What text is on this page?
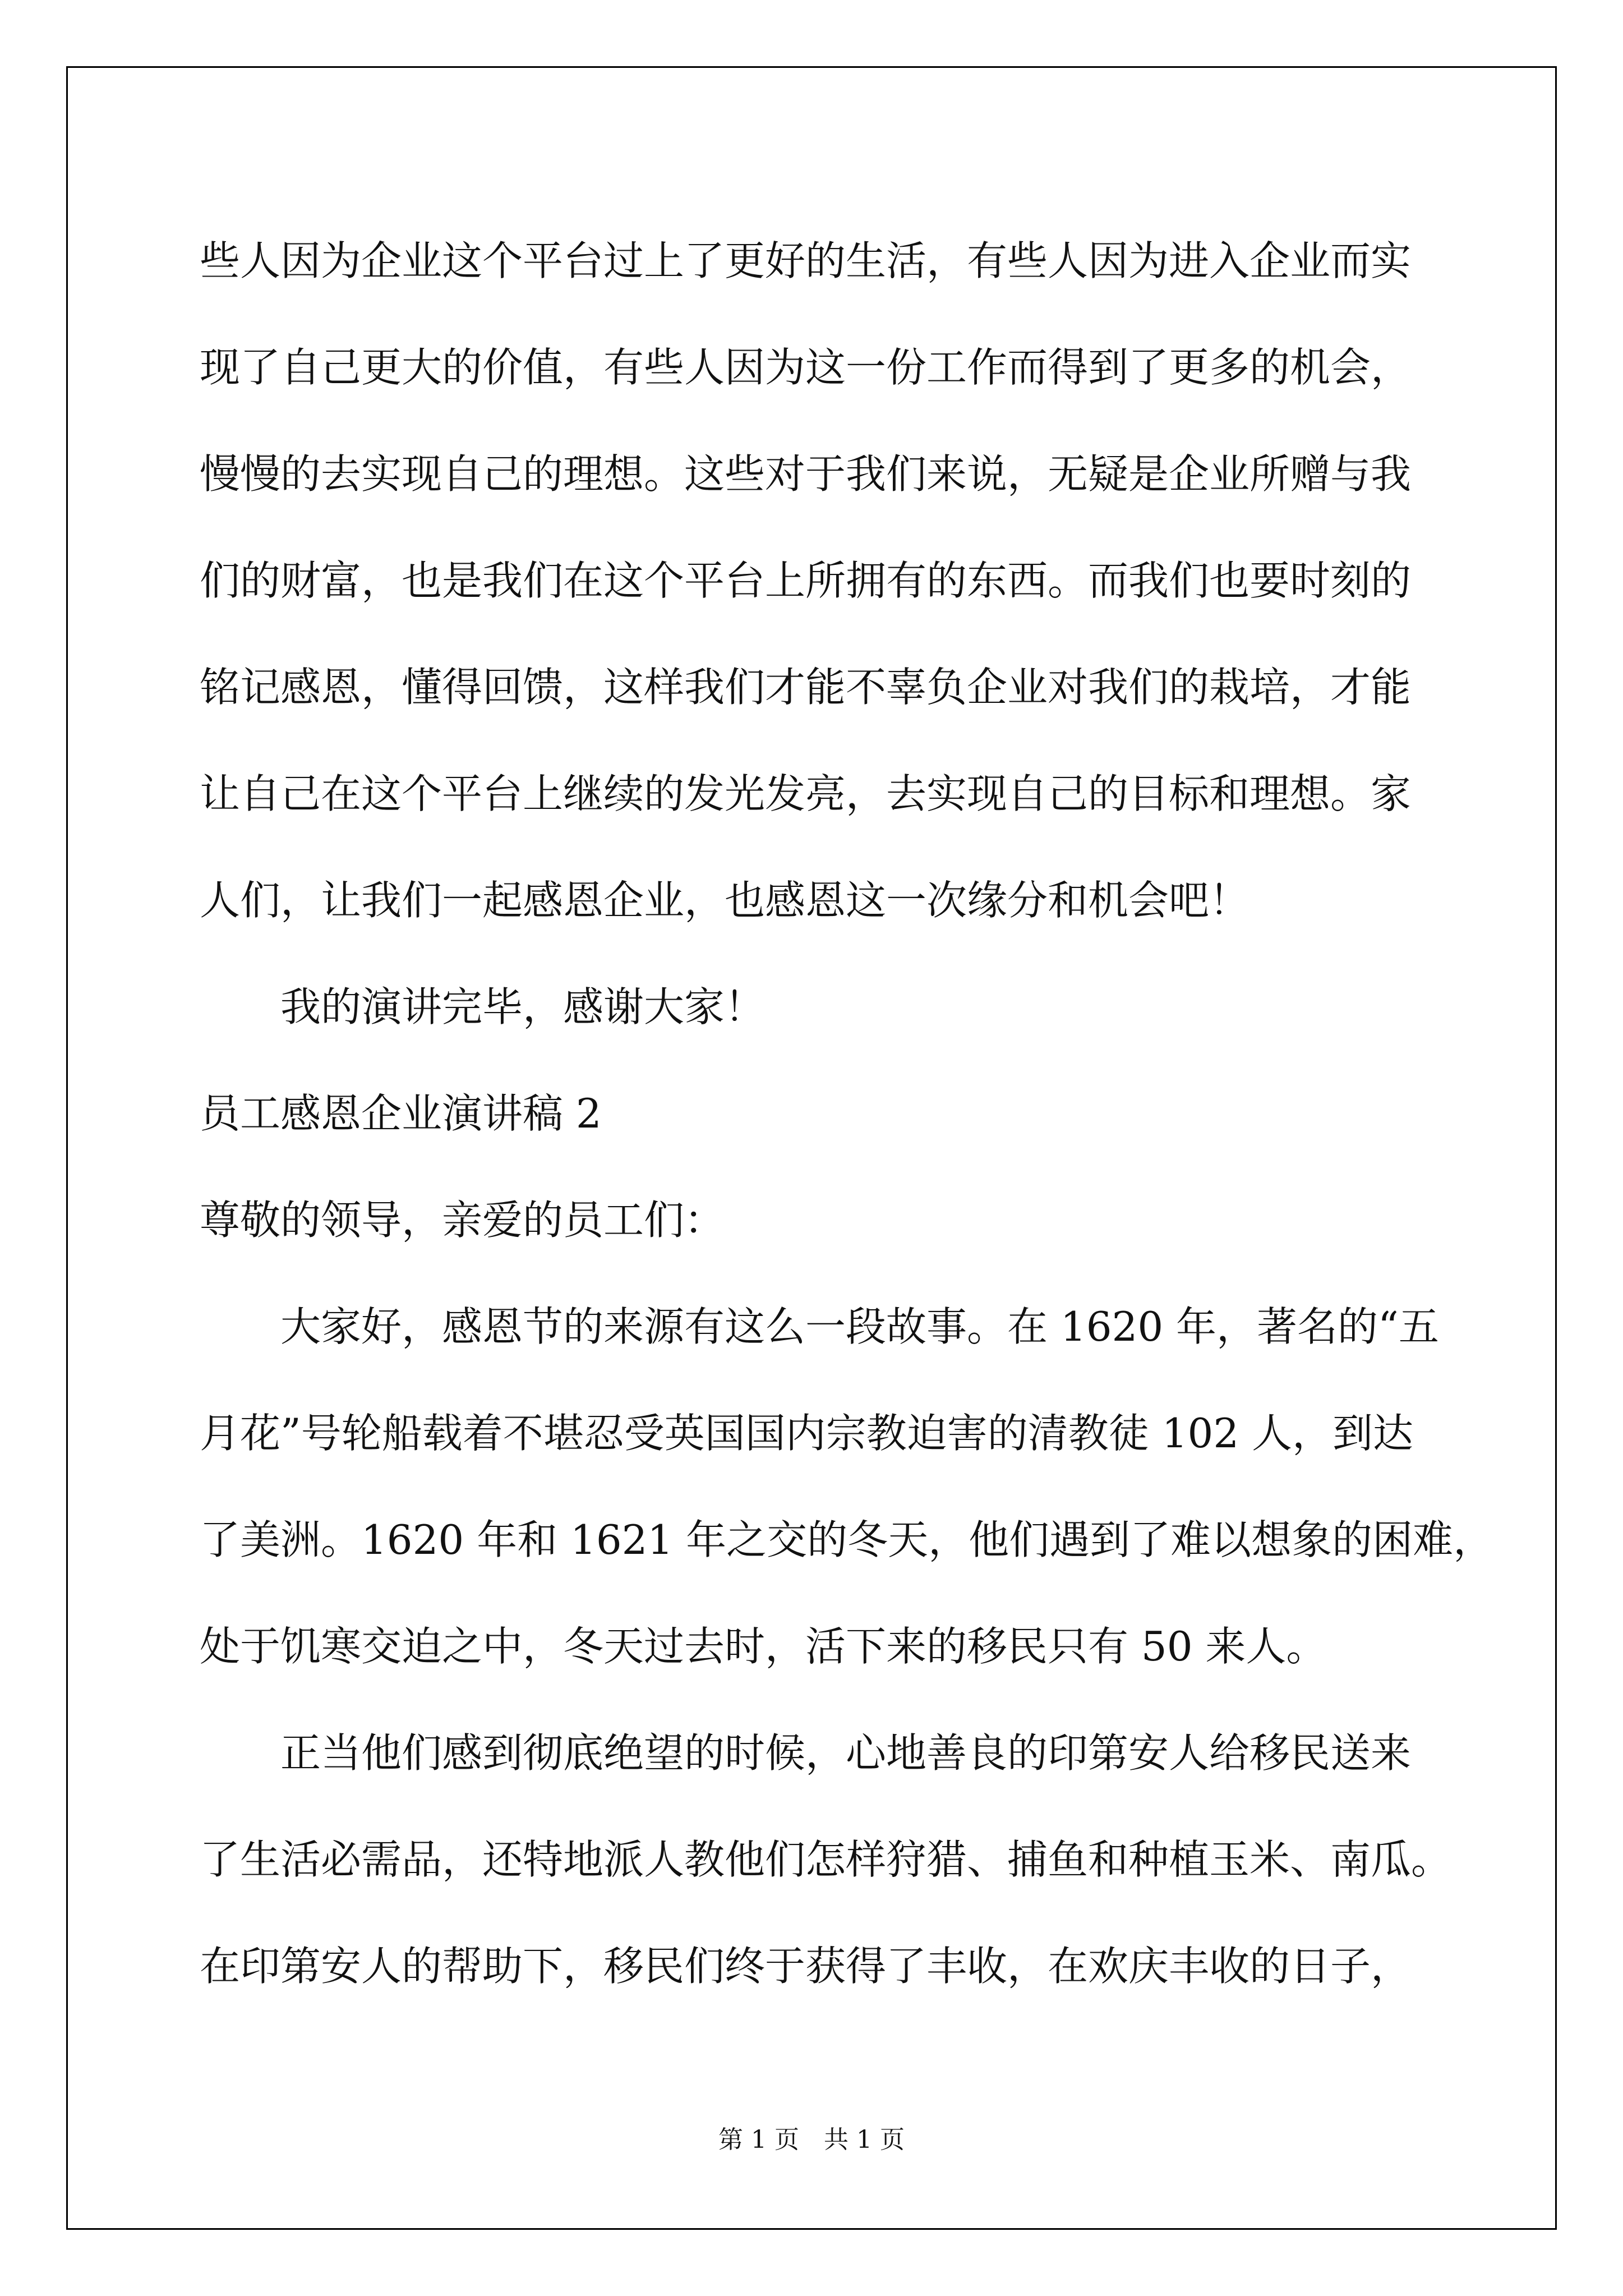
些人因为企业这个平台过上了更好的生活，有些人因为进入企业而实
现了自己更大的价值，有些人因为这一份工作而得到了更多的机会，
慢慢的去实现自己的理想。这些对于我们来说，无疑是企业所赠与我
们的财富，也是我们在这个平台上所拥有的东西。而我们也要时刻的
铭记感恩，懂得回馈，这样我们才能不辜负企业对我们的栽培，才能
让自己在这个平台上继续的发光发亮，去实现自己的目标和理想。家
人们，让我们一起感恩企业，也感恩这一次缘分和机会吧！
我的演讲完毕，感谢大家！
员工感恩企业演讲稿 2
尊敬的领导，亲爱的员工们：
大家好，感恩节的来源有这么一段故事。在 1620 年，著名的“五
月花”号轮船载着不堪忍受英国国内宗教迫害的清教徒 102 人，到达
了美洲。1620 年和 1621 年之交的冬天，他们遇到了难以想象的困难，
处于饥寒交迫之中，冬天过去时，活下来的移民只有 50 来人。
正当他们感到彻底绝望的时候，心地善良的印第安人给移民送来
了生活必需品，还特地派人教他们怎样狩猎、捕鱼和种植玉米、南瓜。
在印第安人的帮助下，移民们终于获得了丰收，在欢庆丰收的日子，
第 1 页　共 1 页
